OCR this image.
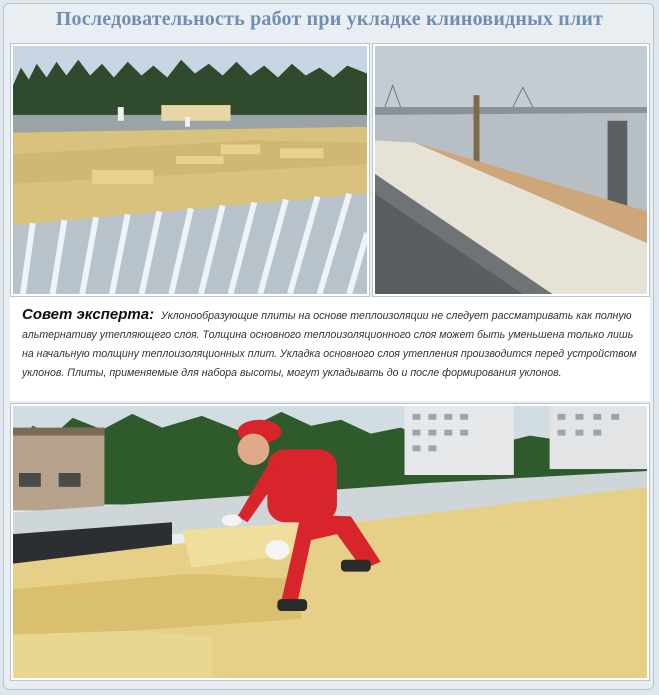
Последовательность работ при укладке клиновидных плит
Совет эксперта: Уклонообразующие плиты на основе теплоизоляции не следует рассматривать как полную альтернативу утепляющего слоя. Толщина основного теплоизоляционного слоя может быть уменьшена только лишь на начальную толщину теплоизоляционных плит. Укладка основного слоя утепления производится перед устройством уклонов. Плиты, применяемые для набора высоты, могут укладывать до и после формирования уклонов.
